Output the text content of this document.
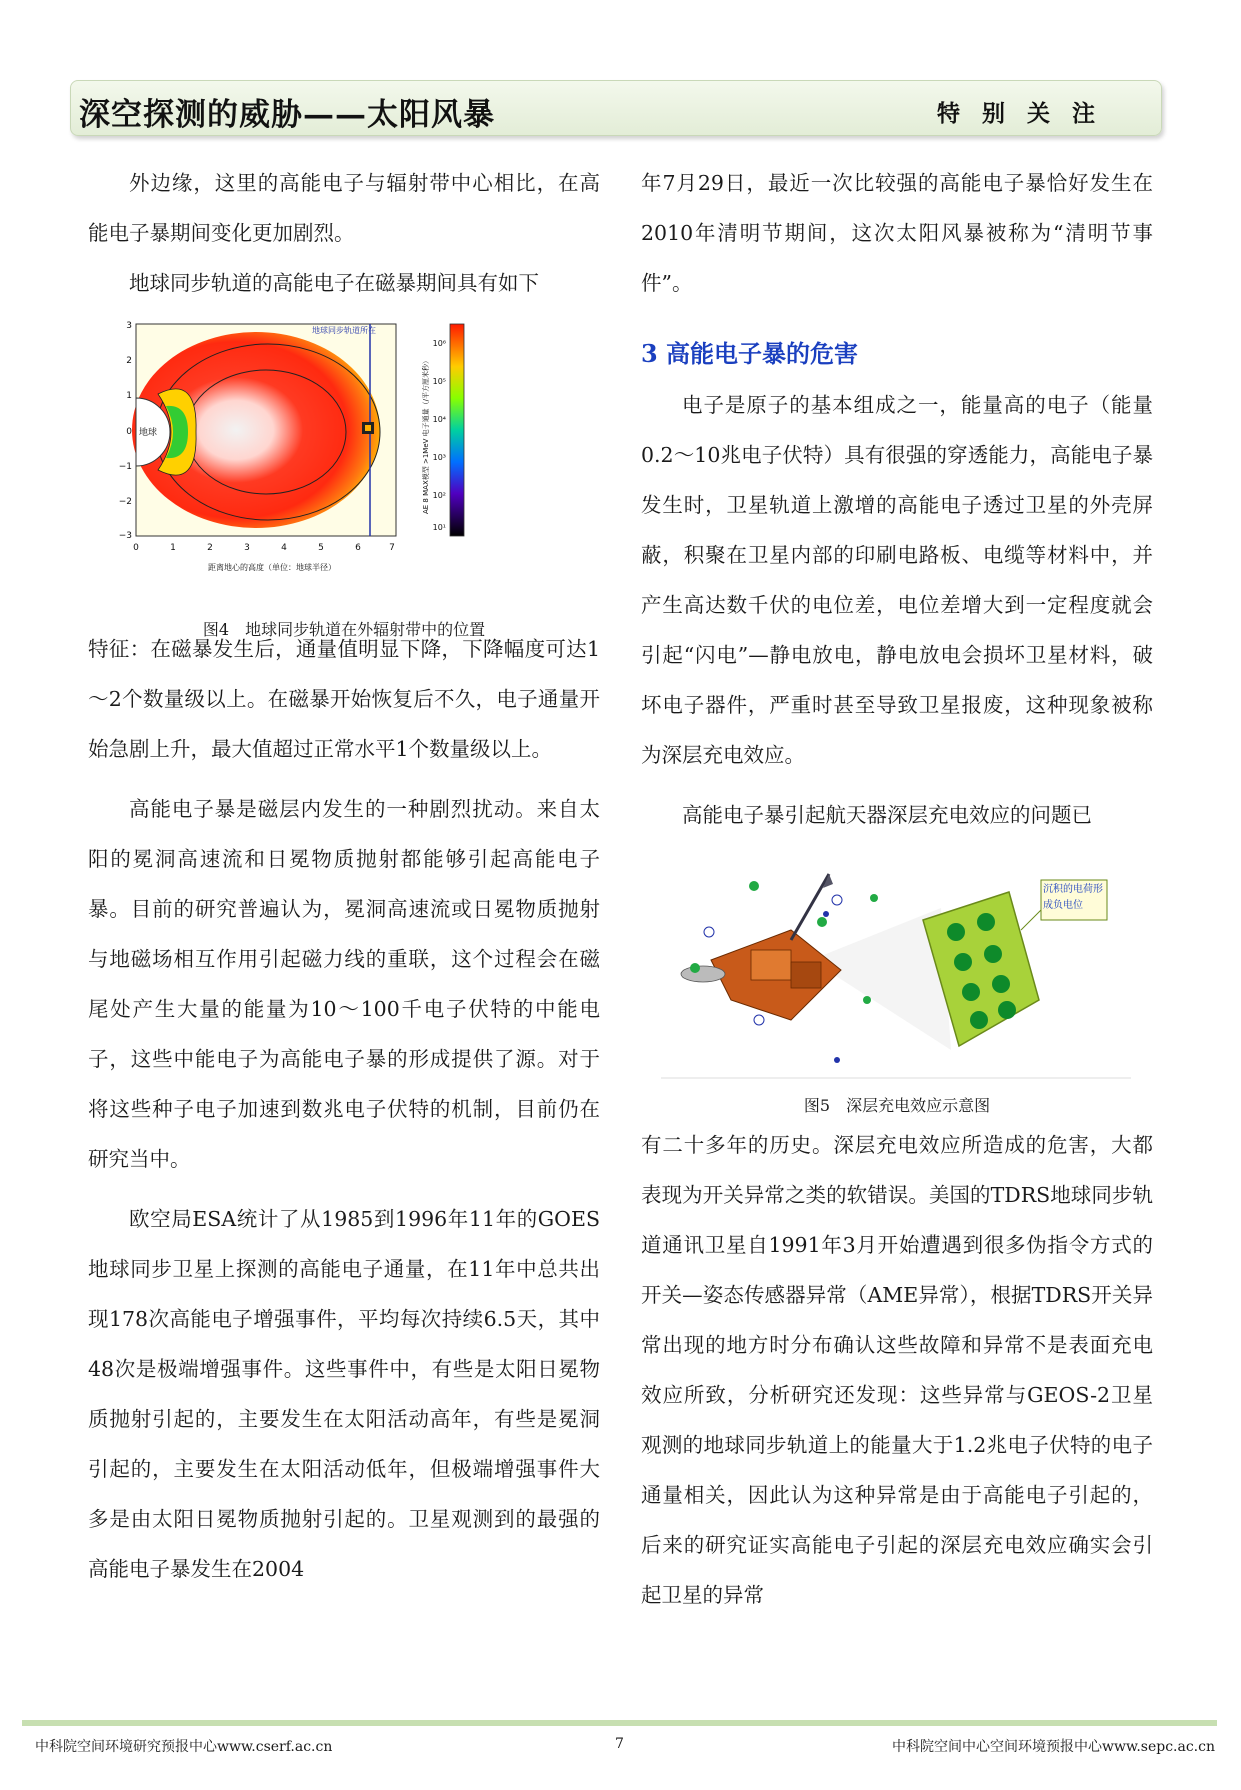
深空探测的威胁——太阳风暴	特别关注

外边缘，这里的高能电子与辐射带中心相比，在高能电子暴期间变化更加剧烈。

地球同步轨道的高能电子在磁暴期间具有如下

地球
地球同步轨道所在
3
2
1
0
−1
−2
−3
0	1	2	3	4	5	6	7
距离地心的高度（单位：地球半径）
10⁶
10⁵
10⁴
10³
10²
10¹
AE 8 MAX模型 >1MeV 电子通量（/平方厘米秒）
图4　地球同步轨道在外辐射带中的位置

特征：在磁暴发生后，通量值明显下降，下降幅度可达1～2个数量级以上。在磁暴开始恢复后不久，电子通量开始急剧上升，最大值超过正常水平1个数量级以上。

高能电子暴是磁层内发生的一种剧烈扰动。来自太阳的冕洞高速流和日冕物质抛射都能够引起高能电子暴。目前的研究普遍认为，冕洞高速流或日冕物质抛射与地磁场相互作用引起磁力线的重联，这个过程会在磁尾处产生大量的能量为10～100千电子伏特的中能电子，这些中能电子为高能电子暴的形成提供了源。对于将这些种子电子加速到数兆电子伏特的机制，目前仍在研究当中。

欧空局ESA统计了从1985到1996年11年的GOES地球同步卫星上探测的高能电子通量，在11年中总共出现178次高能电子增强事件，平均每次持续6.5天，其中48次是极端增强事件。这些事件中，有些是太阳日冕物质抛射引起的，主要发生在太阳活动高年，有些是冕洞引起的，主要发生在太阳活动低年，但极端增强事件大多是由太阳日冕物质抛射引起的。卫星观测到的最强的高能电子暴发生在2004

年7月29日，最近一次比较强的高能电子暴恰好发生在2010年清明节期间，这次太阳风暴被称为“清明节事件”。

3 高能电子暴的危害

电子是原子的基本组成之一，能量高的电子（能量0.2～10兆电子伏特）具有很强的穿透能力，高能电子暴发生时，卫星轨道上激增的高能电子透过卫星的外壳屏蔽，积聚在卫星内部的印刷电路板、电缆等材料中，并产生高达数千伏的电位差，电位差增大到一定程度就会引起“闪电”—静电放电，静电放电会损坏卫星材料，破坏电子器件，严重时甚至导致卫星报废，这种现象被称为深层充电效应。

高能电子暴引起航天器深层充电效应的问题已

沉积的电荷形成负电位
图5　深层充电效应示意图

有二十多年的历史。深层充电效应所造成的危害，大都表现为开关异常之类的软错误。美国的TDRS地球同步轨道通讯卫星自1991年3月开始遭遇到很多伪指令方式的开关—姿态传感器异常（AME异常），根据TDRS开关异常出现的地方时分布确认这些故障和异常不是表面充电效应所致，分析研究还发现：这些异常与GEOS-2卫星观测的地球同步轨道上的能量大于1.2兆电子伏特的电子通量相关，因此认为这种异常是由于高能电子引起的，后来的研究证实高能电子引起的深层充电效应确实会引起卫星的异常

中科院空间环境研究预报中心www.cserf.ac.cn	7	中科院空间中心空间环境预报中心www.sepc.ac.cn
